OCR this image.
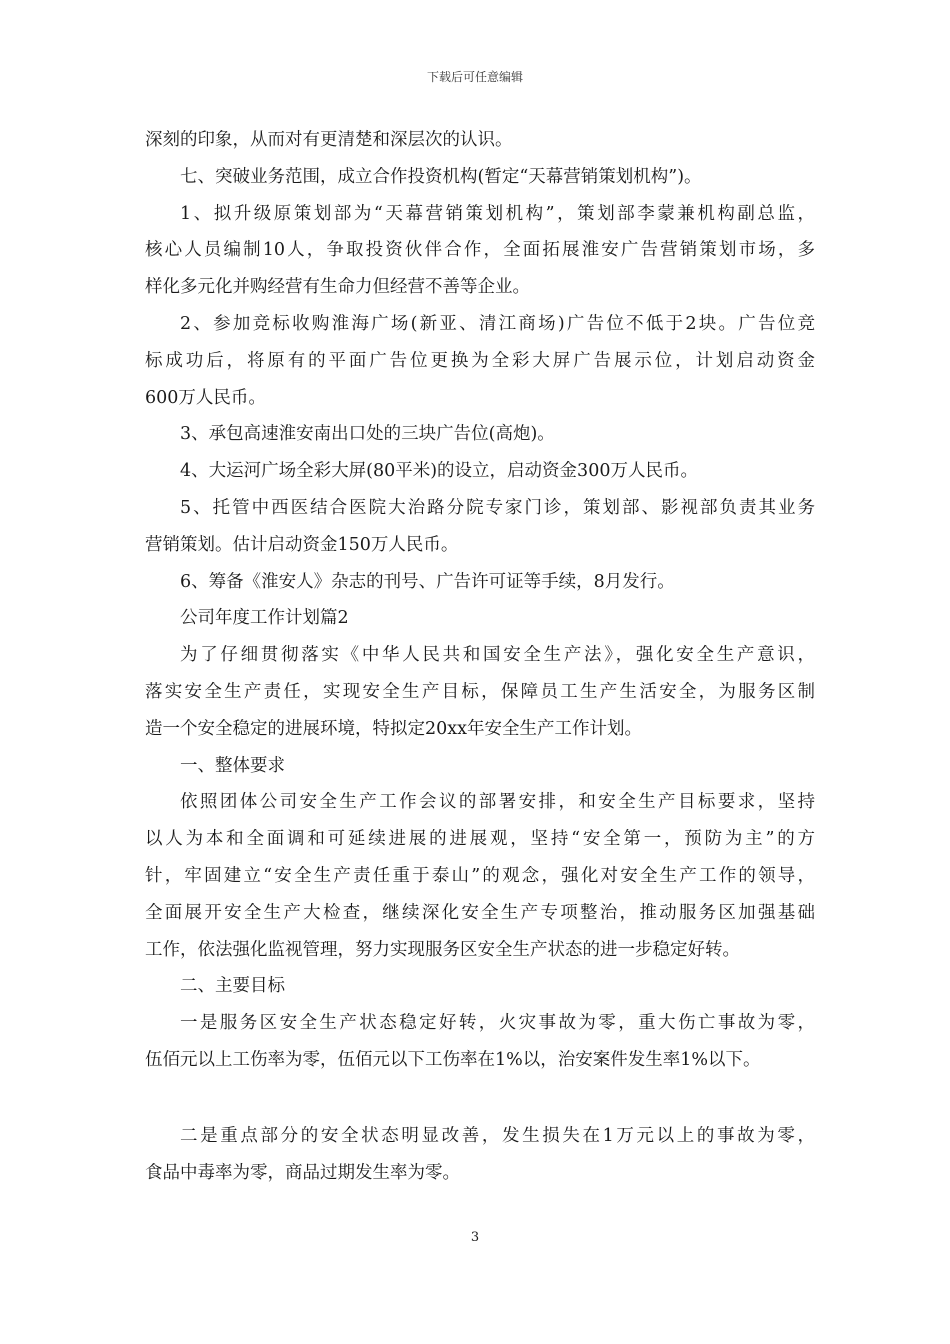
下载后可任意编辑
深刻的印象，从而对有更清楚和深层次的认识。
七、突破业务范围，成立合作投资机构(暂定“天幕营销策划机构”)。
1、拟升级原策划部为“天幕营销策划机构”，策划部李蒙兼机构副总监，
核心人员编制10人，争取投资伙伴合作，全面拓展淮安广告营销策划市场，多
样化多元化并购经营有生命力但经营不善等企业。
2、参加竞标收购淮海广场(新亚、清江商场)广告位不低于2块。广告位竞
标成功后，将原有的平面广告位更换为全彩大屏广告展示位，计划启动资金
600万人民币。
3、承包高速淮安南出口处的三块广告位(高炮)。
4、大运河广场全彩大屏(80平米)的设立，启动资金300万人民币。
5、托管中西医结合医院大治路分院专家门诊，策划部、影视部负责其业务
营销策划。估计启动资金150万人民币。
6、筹备《淮安人》杂志的刊号、广告许可证等手续，8月发行。
公司年度工作计划篇2
为了仔细贯彻落实《中华人民共和国安全生产法》，强化安全生产意识，
落实安全生产责任，实现安全生产目标，保障员工生产生活安全，为服务区制
造一个安全稳定的进展环境，特拟定20xx年安全生产工作计划。
一、整体要求
依照团体公司安全生产工作会议的部署安排，和安全生产目标要求，坚持
以人为本和全面调和可延续进展的进展观，坚持“安全第一，预防为主”的方
针，牢固建立“安全生产责任重于泰山”的观念，强化对安全生产工作的领导，
全面展开安全生产大检查，继续深化安全生产专项整治，推动服务区加强基础
工作，依法强化监视管理，努力实现服务区安全生产状态的进一步稳定好转。
二、主要目标
一是服务区安全生产状态稳定好转，火灾事故为零，重大伤亡事故为零，
伍佰元以上工伤率为零，伍佰元以下工伤率在1%以，治安案件发生率1%以下。
二是重点部分的安全状态明显改善，发生损失在1万元以上的事故为零，
食品中毒率为零，商品过期发生率为零。
3
